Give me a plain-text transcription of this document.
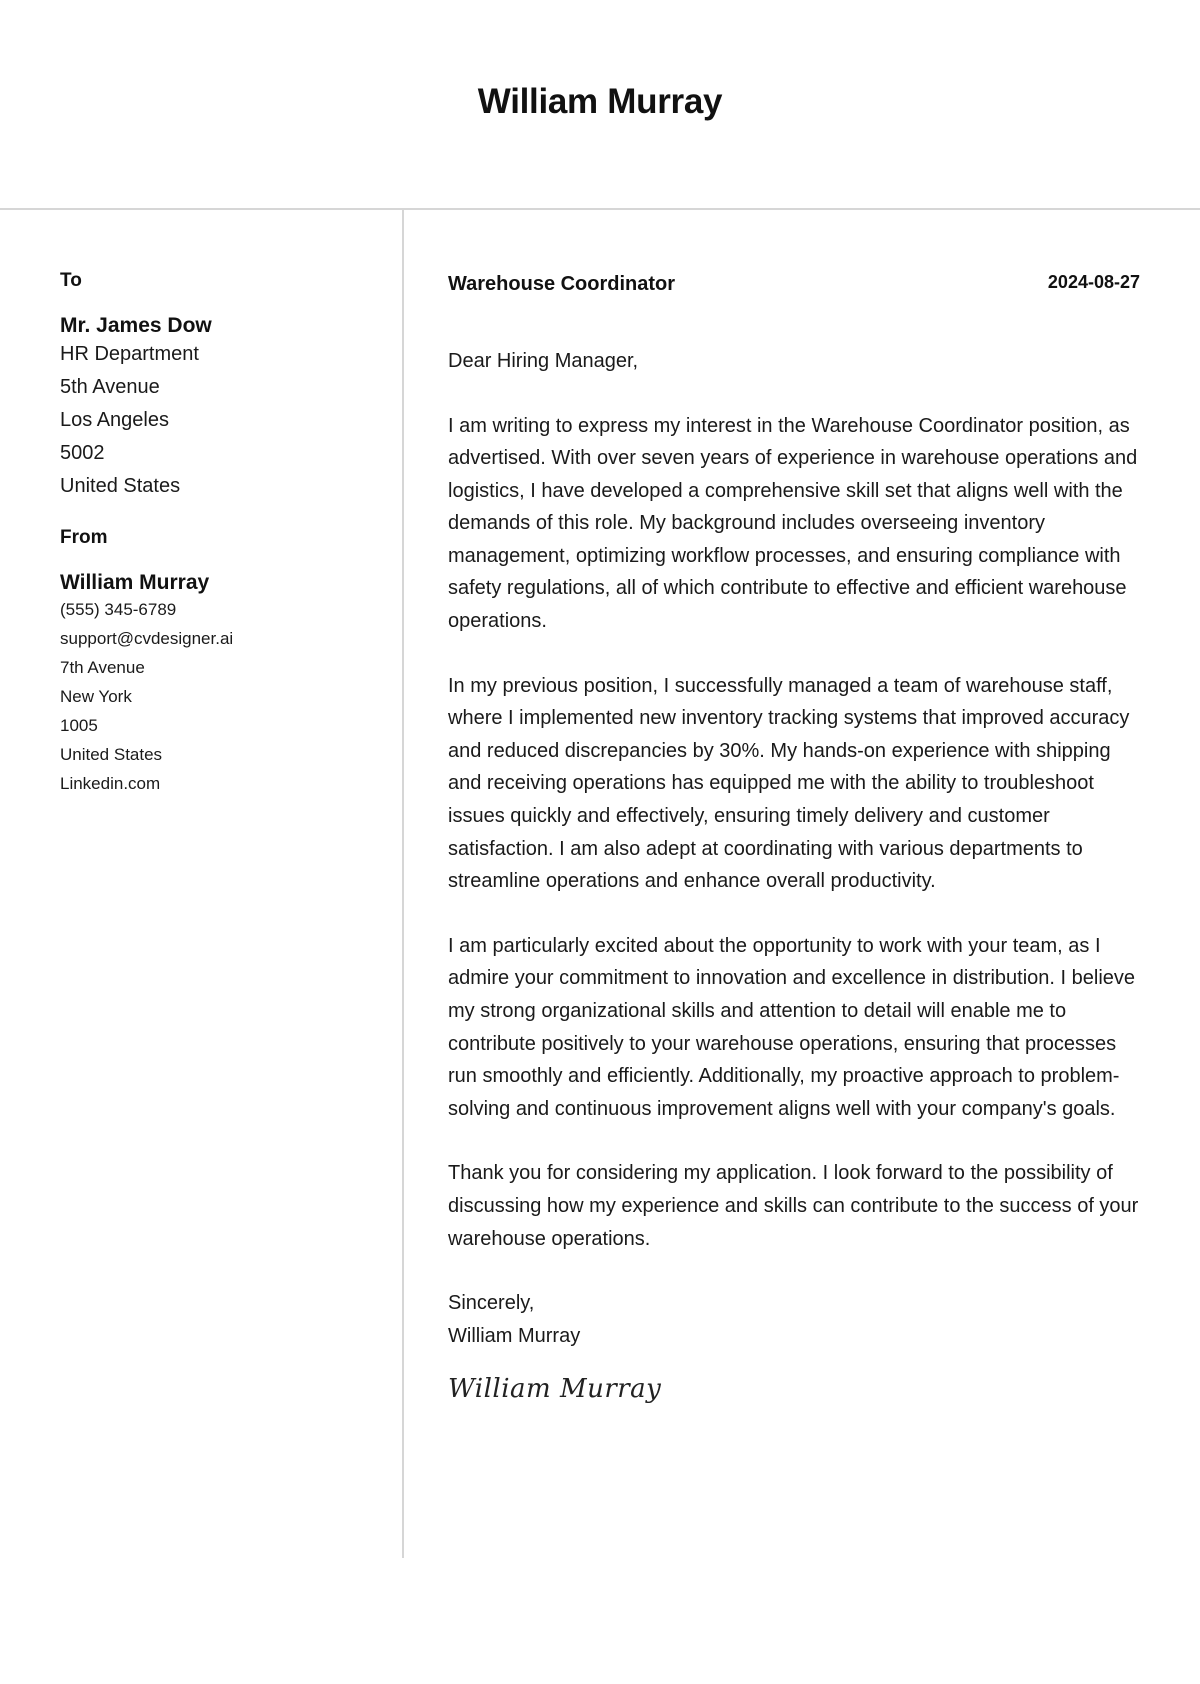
William Murray
To
Mr. James Dow
HR Department
5th Avenue
Los Angeles
5002
United States
From
William Murray
(555) 345-6789
support@cvdesigner.ai
7th Avenue
New York
1005
United States
Linkedin.com
Warehouse Coordinator	2024-08-27
Dear Hiring Manager,
I am writing to express my interest in the Warehouse Coordinator position, as advertised. With over seven years of experience in warehouse operations and logistics, I have developed a comprehensive skill set that aligns well with the demands of this role. My background includes overseeing inventory management, optimizing workflow processes, and ensuring compliance with safety regulations, all of which contribute to effective and efficient warehouse operations.
In my previous position, I successfully managed a team of warehouse staff, where I implemented new inventory tracking systems that improved accuracy and reduced discrepancies by 30%. My hands-on experience with shipping and receiving operations has equipped me with the ability to troubleshoot issues quickly and effectively, ensuring timely delivery and customer satisfaction. I am also adept at coordinating with various departments to streamline operations and enhance overall productivity.
I am particularly excited about the opportunity to work with your team, as I admire your commitment to innovation and excellence in distribution. I believe my strong organizational skills and attention to detail will enable me to contribute positively to your warehouse operations, ensuring that processes run smoothly and efficiently. Additionally, my proactive approach to problem-solving and continuous improvement aligns well with your company's goals.
Thank you for considering my application. I look forward to the possibility of discussing how my experience and skills can contribute to the success of your warehouse operations.
Sincerely,
William Murray
William Murray
